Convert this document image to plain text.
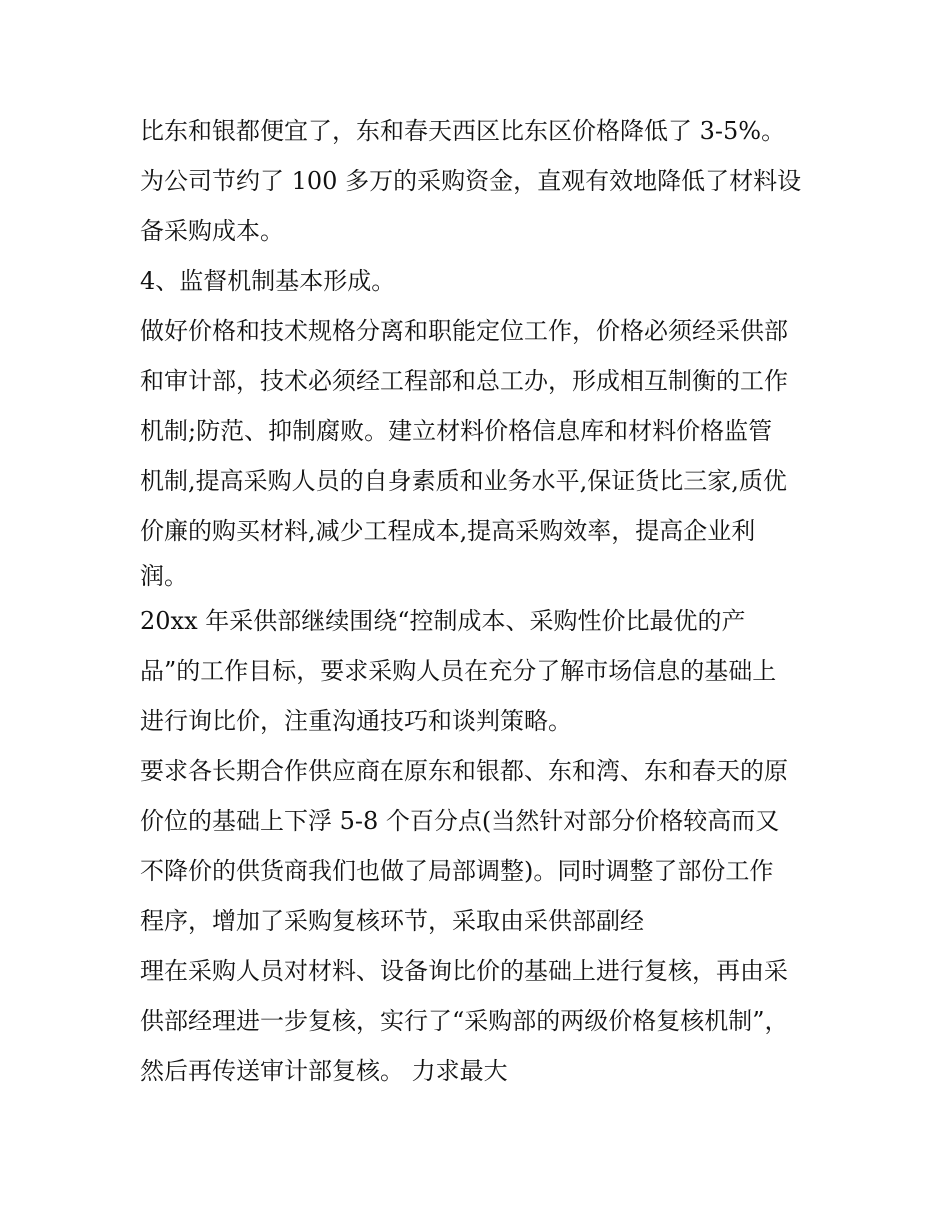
比东和银都便宜了，东和春天西区比东区价格降低了 3-5%。
为公司节约了 100 多万的采购资金，直观有效地降低了材料设
备采购成本。
4、监督机制基本形成。
做好价格和技术规格分离和职能定位工作，价格必须经采供部
和审计部，技术必须经工程部和总工办，形成相互制衡的工作
机制;防范、抑制腐败。建立材料价格信息库和材料价格监管
机制,提高采购人员的自身素质和业务水平,保证货比三家,质优
价廉的购买材料,减少工程成本,提高采购效率，提高企业利
润。
20xx 年采供部继续围绕“控制成本、采购性价比最优的产
品”的工作目标，要求采购人员在充分了解市场信息的基础上
进行询比价，注重沟通技巧和谈判策略。
要求各长期合作供应商在原东和银都、东和湾、东和春天的原
价位的基础上下浮 5-8 个百分点(当然针对部分价格较高而又
不降价的供货商我们也做了局部调整)。同时调整了部份工作
程序，增加了采购复核环节，采取由采供部副经
理在采购人员对材料、设备询比价的基础上进行复核，再由采
供部经理进一步复核，实行了“采购部的两级价格复核机制”，
然后再传送审计部复核。 力求最大
